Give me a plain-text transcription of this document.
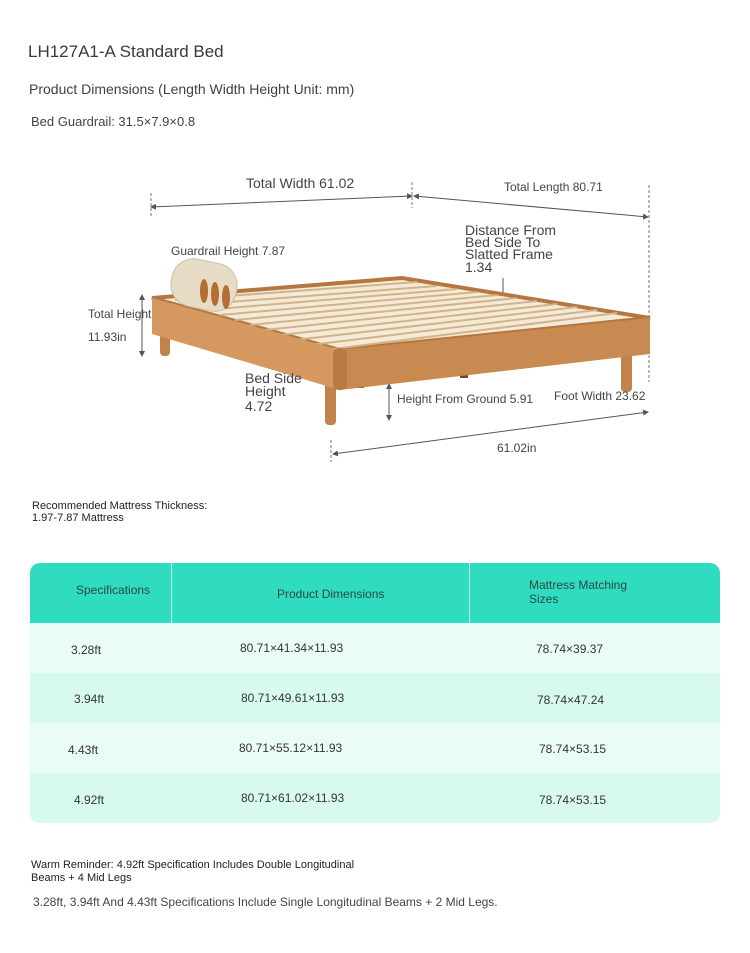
LH127A1-A Standard Bed
Product Dimensions (Length Width Height Unit: mm)
Bed Guardrail: 31.5×7.9×0.8
Total Width 61.02	Total Length 80.71
Distance From
Bed Side To
Slatted Frame
1.34
Guardrail Height 7.87
Total Height
11.93in
Bed Side
Height
4.72	Height From Ground 5.91 Foot Width 23.62
61.02in
Recommended Mattress Thickness:
1.97-7.87 Mattress
Specifications	Product Dimensions
Mattress Matching
Sizes
3.28ft	80.71×41.34×11.93	78.74×39.37
3.94ft	80.71×49.61×11.93	78.74×47.24
4.43ft	80.71×55.12×11.93	78.74×53.15
4.92ft	80.71×61.02×11.93	78.74×53.15
Warm Reminder: 4.92ft Specification Includes Double Longitudinal
Beams + 4 Mid Legs
3.28ft, 3.94ft And 4.43ft Specifications Include Single Longitudinal Beams + 2 Mid Legs.
